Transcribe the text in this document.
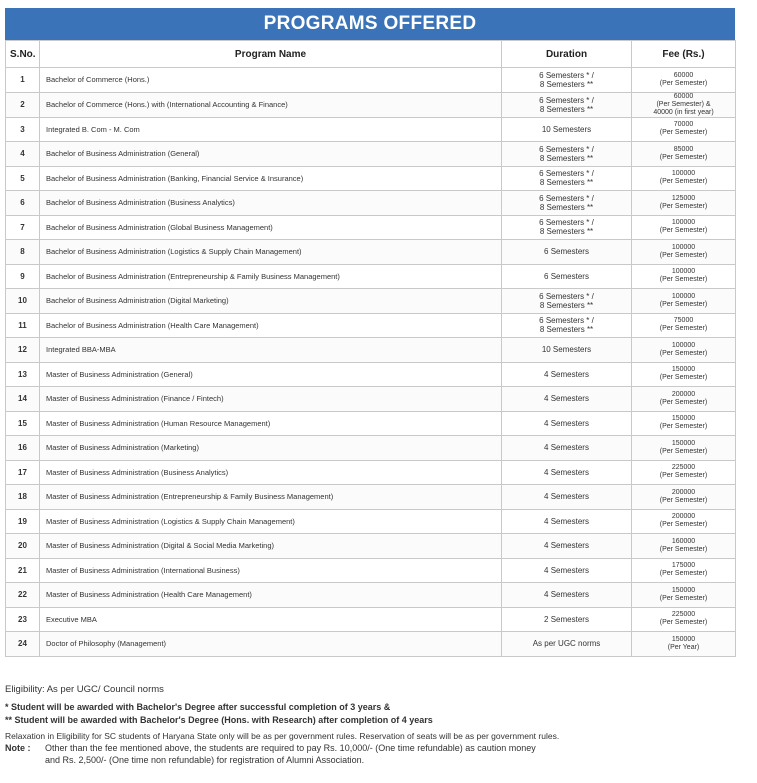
PROGRAMS OFFERED
S.No.	Program Name	Duration	Fee (Rs.)
1	Bachelor of Commerce (Hons.)	6 Semesters * /
8 Semesters **	60000
(Per Semester)

2	Bachelor of Commerce (Hons.) with (International Accounting & Finance)	6 Semesters * /
8 Semesters **	60000
(Per Semester) &
40000 (in first year)

3	Integrated B. Com - M. Com	10 Semesters	70000
(Per Semester)

4	Bachelor of Business Administration (General)	6 Semesters * /
8 Semesters **	85000
(Per Semester)

5	Bachelor of Business Administration (Banking, Financial Service & Insurance)	6 Semesters * /
8 Semesters **	100000
(Per Semester)

6	Bachelor of Business Administration (Business Analytics)	6 Semesters * /
8 Semesters **	125000
(Per Semester)

7	Bachelor of Business Administration (Global Business Management)	6 Semesters * /
8 Semesters **	100000
(Per Semester)

8	Bachelor of Business Administration (Logistics & Supply Chain Management)	6 Semesters	100000
(Per Semester)

9	Bachelor of Business Administration (Entrepreneurship & Family Business Management)	6 Semesters	100000
(Per Semester)

10	Bachelor of Business Administration (Digital Marketing)	6 Semesters * /
8 Semesters **	100000
(Per Semester)

11	Bachelor of Business Administration (Health Care Management)	6 Semesters * /
8 Semesters **	75000
(Per Semester)

12	Integrated BBA-MBA	10 Semesters	100000
(Per Semester)

13	Master of Business Administration (General)	4 Semesters	150000
(Per Semester)

14	Master of Business Administration (Finance / Fintech)	4 Semesters	200000
(Per Semester)

15	Master of Business Administration (Human Resource Management)	4 Semesters	150000
(Per Semester)

16	Master of Business Administration (Marketing)	4 Semesters	150000
(Per Semester)

17	Master of Business Administration (Business Analytics)	4 Semesters	225000
(Per Semester)

18	Master of Business Administration (Entrepreneurship & Family Business Management)	4 Semesters	200000
(Per Semester)

19	Master of Business Administration (Logistics & Supply Chain Management)	4 Semesters	200000
(Per Semester)

20	Master of Business Administration (Digital & Social Media Marketing)	4 Semesters	160000
(Per Semester)

21	Master of Business Administration (International Business)	4 Semesters	175000
(Per Semester)

22	Master of Business Administration (Health Care Management)	4 Semesters	150000
(Per Semester)

23	Executive MBA	2 Semesters	225000
(Per Semester)

24	Doctor of Philosophy (Management)	As per UGC norms	150000
(Per Year)

Eligibility: As per UGC/ Council norms

* Student will be awarded with Bachelor's Degree after successful completion of 3 years &

** Student will be awarded with Bachelor's Degree (Hons. with Research) after completion of 4 years

Relaxation in Eligibility for SC students of Haryana State only will be as per government rules. Reservation of seats will be as per government rules.

Note :	Other than the fee mentioned above, the students are required to pay Rs. 10,000/- (One time refundable) as caution money
and Rs. 2,500/- (One time non refundable) for registration of Alumni Association.
